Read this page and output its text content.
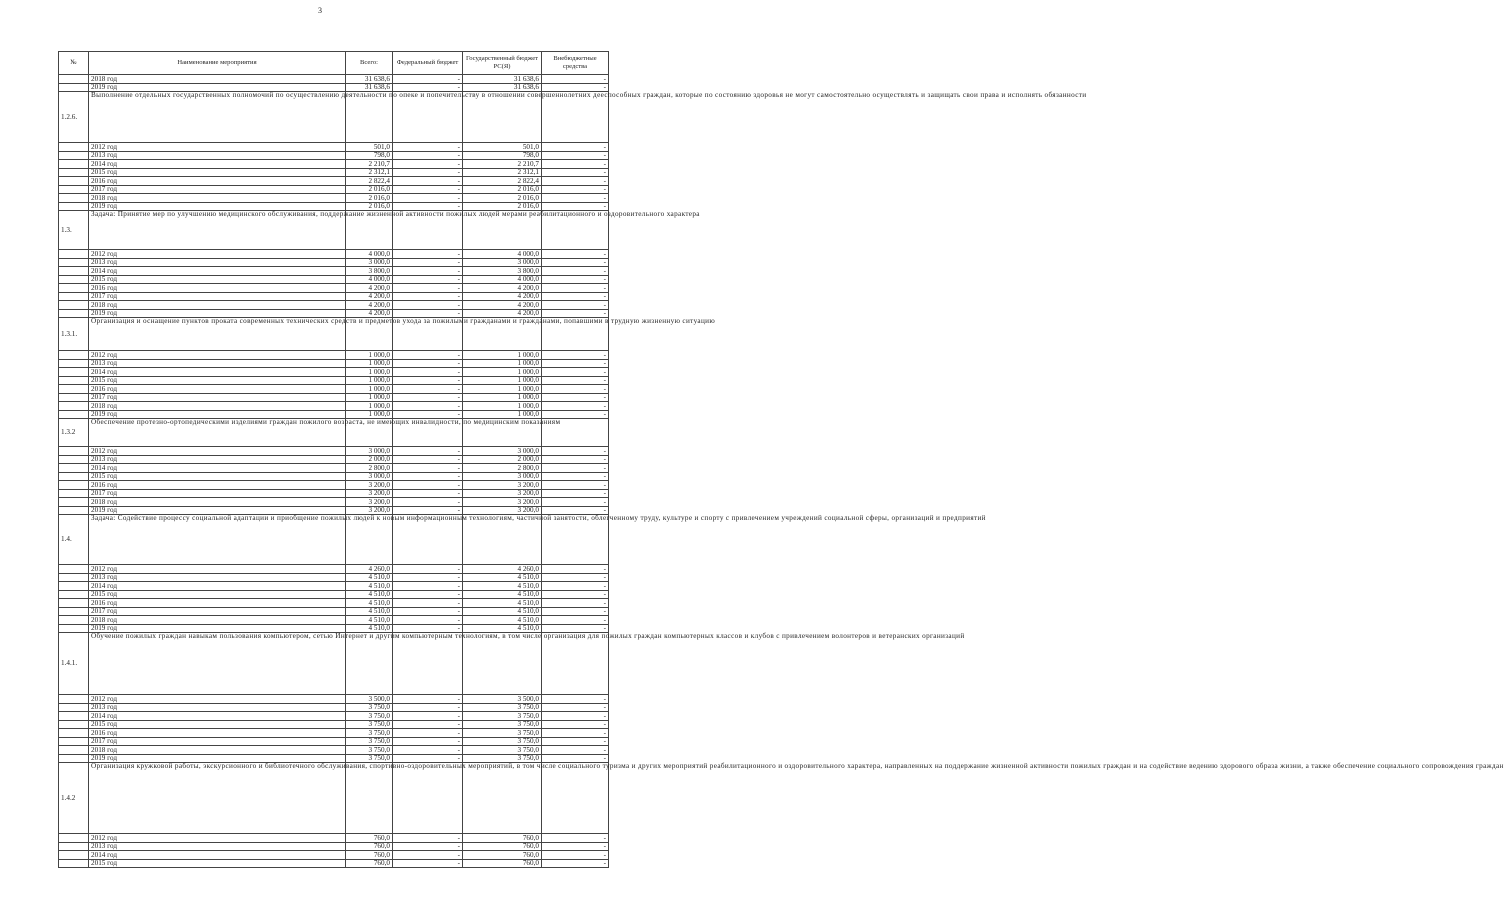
3
№	Наименование мероприятия	Всего:	Федеральный бюджет	Государственный бюджет РС(Я)	Внебюджетные средства
	2018 год	31 638,6	-	31 638,6	-
	2019 год	31 638,6	-	31 638,6	-
1.2.6.	Выполнение отдельных государственных полномочий по осуществлению деятельности по опеке и попечительству в отношении совершеннолетних дееспособных граждан, которые по состоянию здоровья не могут самостоятельно осуществлять и защищать свои права и исполнять обязанности				
	2012 год	501,0	-	501,0	-
	2013 год	798,0	-	798,0	-
	2014 год	2 210,7	-	2 210,7	-
	2015 год	2 312,1	-	2 312,1	-
	2016 год	2 822,4	-	2 822,4	-
	2017 год	2 016,0	-	2 016,0	-
	2018 год	2 016,0	-	2 016,0	-
	2019 год	2 016,0	-	2 016,0	-
1.3.	Задача: Принятие мер по улучшению медицинского обслуживания, поддержание жизненной активности пожилых людей мерами реабилитационного и оздоровительного характера				
	2012 год	4 000,0	-	4 000,0	-
	2013 год	3 000,0	-	3 000,0	-
	2014 год	3 800,0	-	3 800,0	-
	2015 год	4 000,0	-	4 000,0	-
	2016 год	4 200,0	-	4 200,0	-
	2017 год	4 200,0	-	4 200,0	-
	2018 год	4 200,0	-	4 200,0	-
	2019 год	4 200,0	-	4 200,0	-
1.3.1.	Организация и оснащение пунктов проката современных технических средств и предметов ухода за пожилыми гражданами и гражданами, попавшими в трудную жизненную ситуацию				
	2012 год	1 000,0	-	1 000,0	-
	2013 год	1 000,0	-	1 000,0	-
	2014 год	1 000,0	-	1 000,0	-
	2015 год	1 000,0	-	1 000,0	-
	2016 год	1 000,0	-	1 000,0	-
	2017 год	1 000,0	-	1 000,0	-
	2018 год	1 000,0	-	1 000,0	-
	2019 год	1 000,0	-	1 000,0	-
1.3.2	Обеспечение протезно-ортопедическими изделиями граждан пожилого возраста, не имеющих инвалидности, по медицинским показаниям				
	2012 год	3 000,0	-	3 000,0	-
	2013 год	2 000,0	-	2 000,0	-
	2014 год	2 800,0	-	2 800,0	-
	2015 год	3 000,0	-	3 000,0	-
	2016 год	3 200,0	-	3 200,0	-
	2017 год	3 200,0	-	3 200,0	-
	2018 год	3 200,0	-	3 200,0	-
	2019 год	3 200,0	-	3 200,0	-
1.4.	Задача: Содействие процессу социальной адаптации и приобщение пожилых людей к новым информационным технологиям, частичной занятости, облегченному труду, культуре и спорту с привлечением учреждений социальной сферы, организаций и предприятий				
	2012 год	4 260,0	-	4 260,0	-
	2013 год	4 510,0	-	4 510,0	-
	2014 год	4 510,0	-	4 510,0	-
	2015 год	4 510,0	-	4 510,0	-
	2016 год	4 510,0	-	4 510,0	-
	2017 год	4 510,0	-	4 510,0	-
	2018 год	4 510,0	-	4 510,0	-
	2019 год	4 510,0	-	4 510,0	-
1.4.1.	Обучение пожилых граждан навыкам пользования компьютером, сетью Интернет и другим компьютерным технологиям, в том числе организация для пожилых граждан компьютерных классов и клубов с привлечением волонтеров и ветеранских организаций				
	2012 год	3 500,0	-	3 500,0	-
	2013 год	3 750,0	-	3 750,0	-
	2014 год	3 750,0	-	3 750,0	-
	2015 год	3 750,0	-	3 750,0	-
	2016 год	3 750,0	-	3 750,0	-
	2017 год	3 750,0	-	3 750,0	-
	2018 год	3 750,0	-	3 750,0	-
	2019 год	3 750,0	-	3 750,0	-
1.4.2	Организация кружковой работы, экскурсионного и библиотечного обслуживания, спортивно-оздоровительных мероприятий, в том числе социального туризма и других мероприятий реабилитационного и оздоровительного характера, направленных на поддержание жизненной активности пожилых граждан и на содействие ведению здорового образа жизни, а также обеспечение социального сопровождения граждан				
	2012 год	760,0	-	760,0	-
	2013 год	760,0	-	760,0	-
	2014 год	760,0	-	760,0	-
	2015 год	760,0	-	760,0	-
